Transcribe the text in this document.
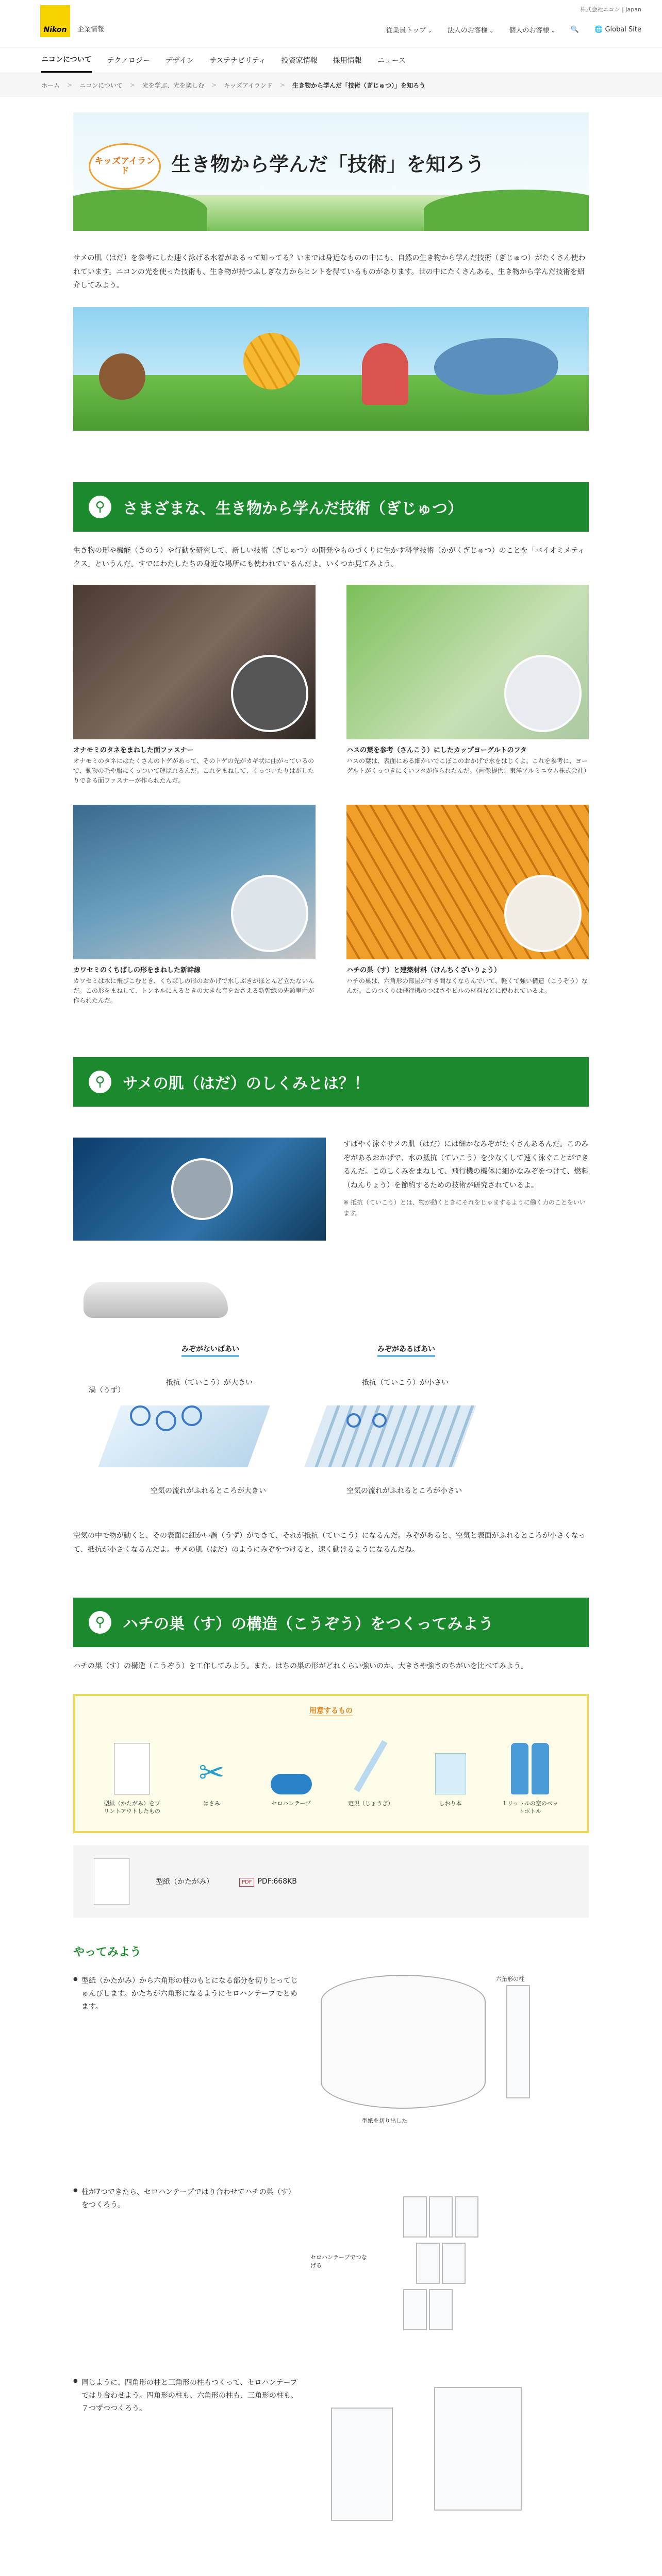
Nikon 企業情報
株式会社ニコン | Japan
従業員トップ ⌄	法人のお客様 ⌄	個人のお客様 ⌄	🔍 🌐 Global Site
ニコンについて テクノロジー デザイン サステナビリティ 投資家情報 採用情報 ニュース
ホーム > ニコンについて > 光を学ぶ、光を楽しむ > キッズアイランド > 生き物から学んだ「技術（ぎじゅつ）」を知ろう
キッズアイランド	生き物から学んだ「技術」を知ろう

サメの肌（はだ）を参考にした速く泳げる水着があるって知ってる？いまでは身近なものの中にも、自然の生き物から学んだ技術（ぎじゅつ）がたくさん使われています。ニコンの光を使った技術も、生き物が持つふしぎな力からヒントを得ているものがあります。世の中にたくさんある、生き物から学んだ技術を紹介してみよう。

⚲	さまざまな、生き物から学んだ技術（ぎじゅつ）

生き物の形や機能（きのう）や行動を研究して、新しい技術（ぎじゅつ）の開発やものづくりに生かす科学技術（かがくぎじゅつ）のことを「バイオミメティクス」というんだ。すでにわたしたちの身近な場所にも使われているんだよ。いくつか見てみよう。

オナモミのタネをまねした面ファスナー
オナモミのタネにはたくさんのトゲがあって、そのトゲの先がカギ状に曲がっているので、動物の毛や服にくっついて運ばれるんだ。これをまねして、くっついたりはがしたりできる面ファスナーが作られたんだ。
ハスの葉を参考（さんこう）にしたカップヨーグルトのフタ
ハスの葉は、表面にある細かいでこぼこのおかげで水をはじくよ。これを参考に、ヨーグルトがくっつきにくいフタが作られたんだ。（画像提供：東洋アルミニウム株式会社）
カワセミのくちばしの形をまねした新幹線
カワセミは水に飛びこむとき、くちばしの形のおかげで水しぶきがほとんど立たないんだ。この形をまねして、トンネルに入るときの大きな音をおさえる新幹線の先頭車両が作られたんだ。
ハチの巣（す）と建築材料（けんちくざいりょう）
ハチの巣は、六角形の部屋がすき間なくならんでいて、軽くて強い構造（こうぞう）なんだ。このつくりは飛行機のつばさやビルの材料などに使われているよ。
⚲	サメの肌（はだ）のしくみとは？！

すばやく泳ぐサメの肌（はだ）には細かなみぞがたくさんあるんだ。このみぞがあるおかげで、水の抵抗（ていこう）を少なくして速く泳ぐことができるんだ。このしくみをまねして、飛行機の機体に細かなみぞをつけて、燃料（ねんりょう）を節約するための技術が研究されているよ。

※ 抵抗（ていこう）とは、物が動くときにそれをじゃまするように働く力のことをいいます。

みぞがないばあい	みぞがあるばあい
渦（うず）
抵抗（ていこう）が大きい	抵抗（ていこう）が小さい
空気の流れがふれるところが大きい	空気の流れがふれるところが小さい

空気の中で物が動くと、その表面に細かい渦（うず）ができて、それが抵抗（ていこう）になるんだ。みぞがあると、空気と表面がふれるところが小さくなって、抵抗が小さくなるんだよ。サメの肌（はだ）のようにみぞをつけると、速く動けるようになるんだね。

⚲	ハチの巣（す）の構造（こうぞう）をつくってみよう

ハチの巣（す）の構造（こうぞう）を工作してみよう。また、はちの巣の形がどれくらい強いのか、大きさや強さのちがいを比べてみよう。

用意するもの
型紙（かたがみ）をプリントアウトしたもの
✂
はさみ	セロハンテープ	定規（じょうぎ）	しおり本	１リットルの空のペットボトル
型紙（かたがみ）	PDF PDF:668KB
やってみよう

● 型紙（かたがみ）から六角形の柱のもとになる部分を切りとってじゅんびします。かたちが六角形になるようにセロハンテープでとめます。

型紙を切り出した
六角形の柱

● 柱が7つできたら、セロハンテープではり合わせてハチの巣（す）をつくろう。

セロハンテープでつなげる

● 同じように、四角形の柱と三角形の柱もつくって、セロハンテープではり合わせよう。四角形の柱も、六角形の柱も、三角形の柱も、７つずつつくろう。
